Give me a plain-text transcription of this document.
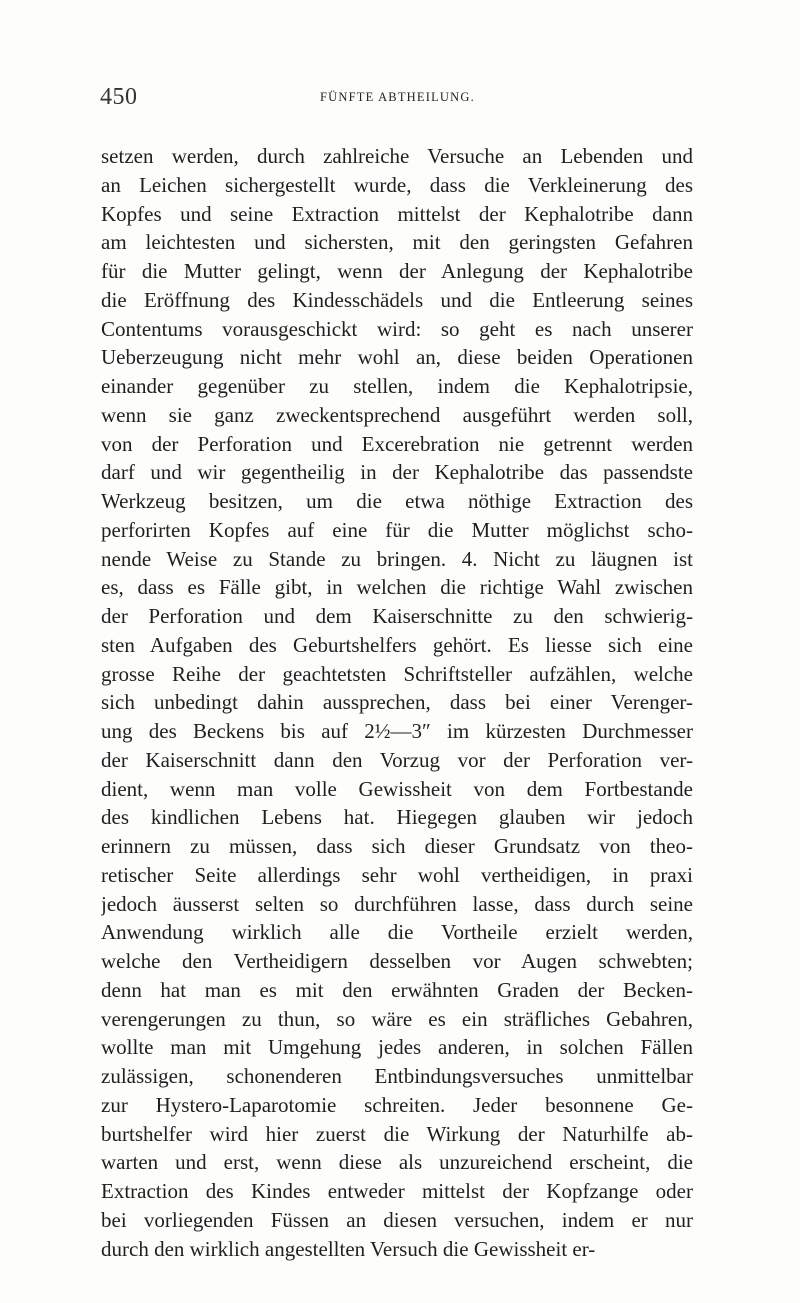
450	FÜNFTE ABTHEILUNG.
setzen werden, durch zahlreiche Versuche an Lebenden und
an Leichen sichergestellt wurde, dass die Verkleinerung des
Kopfes und seine Extraction mittelst der Kephalotribe dann
am leichtesten und sichersten, mit den geringsten Gefahren
für die Mutter gelingt, wenn der Anlegung der Kephalotribe
die Eröffnung des Kindesschädels und die Entleerung seines
Contentums vorausgeschickt wird: so geht es nach unserer
Ueberzeugung nicht mehr wohl an, diese beiden Operationen
einander gegenüber zu stellen, indem die Kephalotripsie,
wenn sie ganz zweckentsprechend ausgeführt werden soll,
von der Perforation und Excerebration nie getrennt werden
darf und wir gegentheilig in der Kephalotribe das passendste
Werkzeug besitzen, um die etwa nöthige Extraction des
perforirten Kopfes auf eine für die Mutter möglichst scho-
nende Weise zu Stande zu bringen. 4. Nicht zu läugnen ist
es, dass es Fälle gibt, in welchen die richtige Wahl zwischen
der Perforation und dem Kaiserschnitte zu den schwierig-
sten Aufgaben des Geburtshelfers gehört. Es liesse sich eine
grosse Reihe der geachtetsten Schriftsteller aufzählen, welche
sich unbedingt dahin aussprechen, dass bei einer Verenger-
ung des Beckens bis auf 2½—3″ im kürzesten Durchmesser
der Kaiserschnitt dann den Vorzug vor der Perforation ver-
dient, wenn man volle Gewissheit von dem Fortbestande
des kindlichen Lebens hat. Hiegegen glauben wir jedoch
erinnern zu müssen, dass sich dieser Grundsatz von theo-
retischer Seite allerdings sehr wohl vertheidigen, in praxi
jedoch äusserst selten so durchführen lasse, dass durch seine
Anwendung wirklich alle die Vortheile erzielt werden,
welche den Vertheidigern desselben vor Augen schwebten;
denn hat man es mit den erwähnten Graden der Becken-
verengerungen zu thun, so wäre es ein sträfliches Gebahren,
wollte man mit Umgehung jedes anderen, in solchen Fällen
zulässigen, schonenderen Entbindungsversuches unmittelbar
zur Hystero-Laparotomie schreiten. Jeder besonnene Ge-
burtshelfer wird hier zuerst die Wirkung der Naturhilfe ab-
warten und erst, wenn diese als unzureichend erscheint, die
Extraction des Kindes entweder mittelst der Kopfzange oder
bei vorliegenden Füssen an diesen versuchen, indem er nur
durch den wirklich angestellten Versuch die Gewissheit er-
